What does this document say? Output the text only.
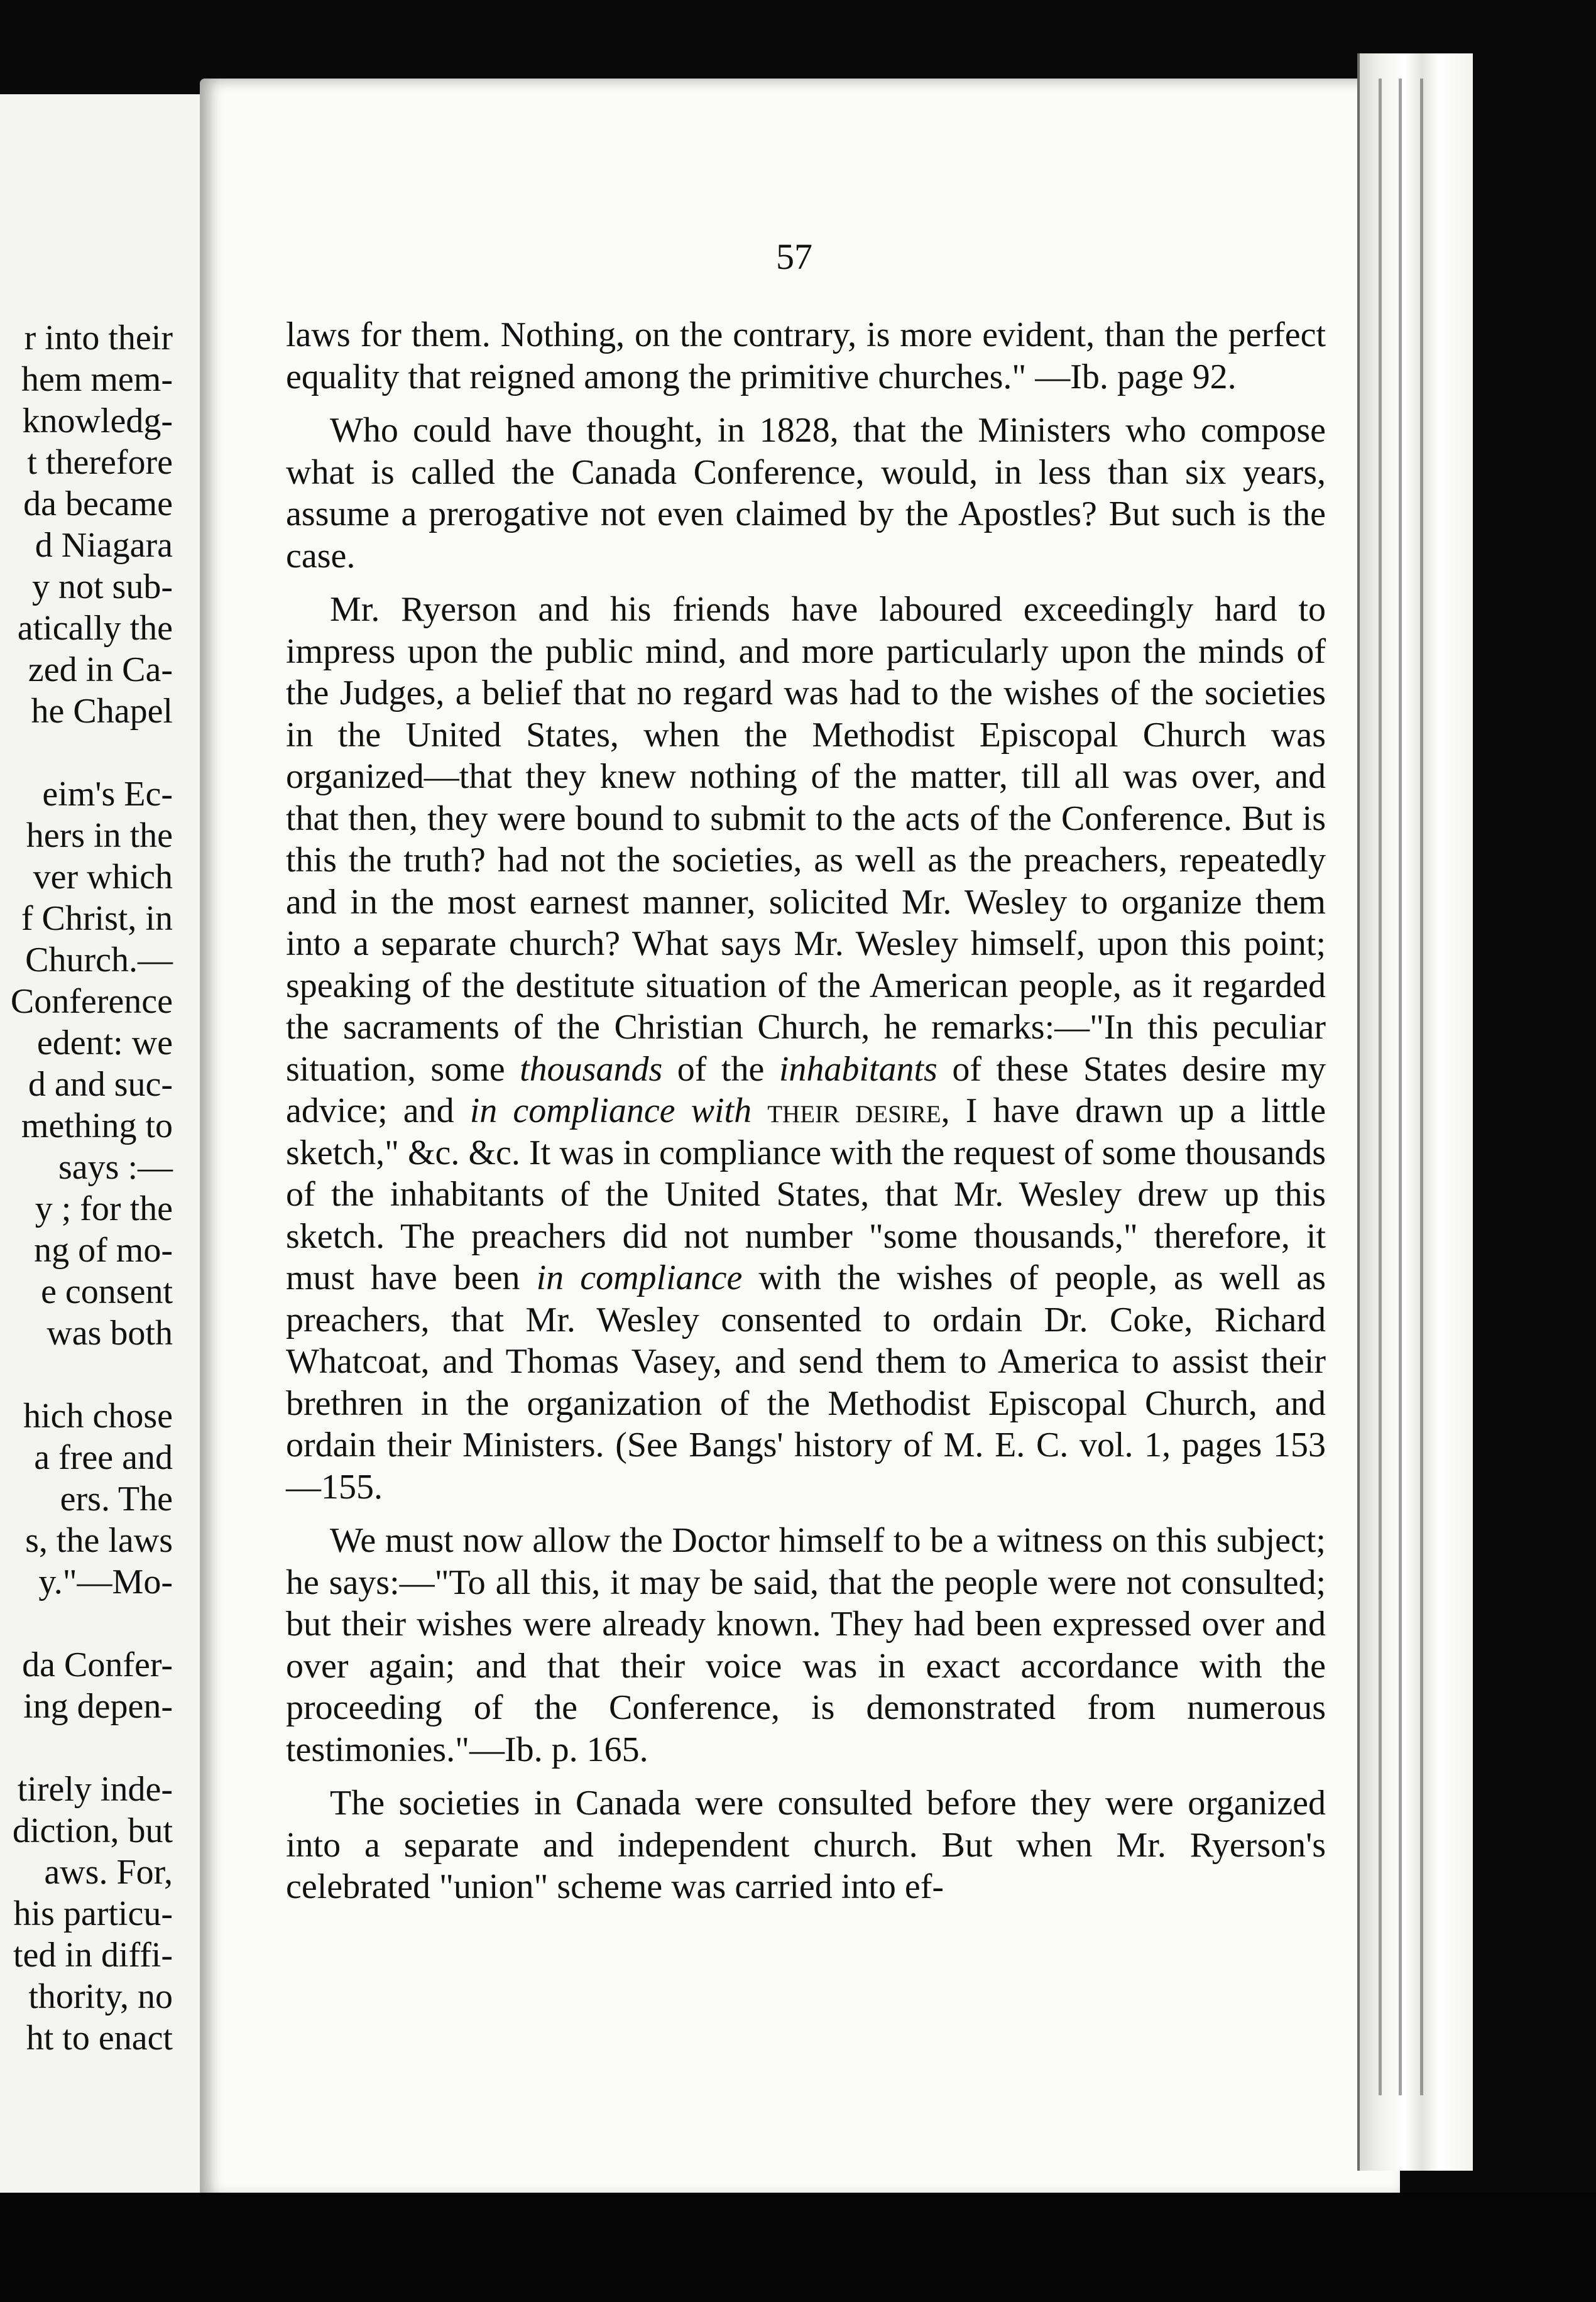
r into their
hem mem-
knowledg-
t therefore
da became
d Niagara
y not sub-
atically the
zed in Ca-
he Chapel
eim's Ec-
hers in the
ver which
f Christ, in
Church.—
Conference
edent: we
d and suc-
mething to
says :—
y ; for the
ng of mo-
e consent
was both
hich chose
a free and
ers. The
s, the laws
y."—Mo-
da Confer-
ing depen-
tirely inde-
diction, but
aws. For,
his particu-
ted in diffi-
thority, no
ht to enact
57

laws for them. Nothing, on the contrary, is more evident, than the perfect equality that reigned among the primitive churches." —Ib. page 92.

Who could have thought, in 1828, that the Ministers who compose what is called the Canada Conference, would, in less than six years, assume a prerogative not even claimed by the Apostles? But such is the case.

Mr. Ryerson and his friends have laboured exceedingly hard to impress upon the public mind, and more particularly upon the minds of the Judges, a belief that no regard was had to the wishes of the societies in the United States, when the Methodist Episcopal Church was organized—that they knew nothing of the matter, till all was over, and that then, they were bound to submit to the acts of the Conference. But is this the truth? had not the societies, as well as the preachers, repeatedly and in the most earnest manner, solicited Mr. Wesley to organize them into a separate church? What says Mr. Wesley himself, upon this point; speaking of the destitute situation of the American people, as it regarded the sacraments of the Christian Church, he remarks:—"In this peculiar situation, some thousands of the inhabitants of these States desire my advice; and in compliance with their desire, I have drawn up a little sketch," &c. &c. It was in compliance with the request of some thousands of the inhabitants of the United States, that Mr. Wesley drew up this sketch. The preachers did not number "some thousands," therefore, it must have been in compliance with the wishes of people, as well as preachers, that Mr. Wesley consented to ordain Dr. Coke, Richard Whatcoat, and Thomas Vasey, and send them to America to assist their brethren in the organization of the Methodist Episcopal Church, and ordain their Ministers. (See Bangs' history of M. E. C. vol. 1, pages 153—155.

We must now allow the Doctor himself to be a witness on this subject; he says:—"To all this, it may be said, that the people were not consulted; but their wishes were already known. They had been expressed over and over again; and that their voice was in exact accordance with the proceeding of the Conference, is demonstrated from numerous testimonies."—Ib. p. 165.

The societies in Canada were consulted before they were organized into a separate and independent church. But when Mr. Ryerson's celebrated "union" scheme was carried into ef-
